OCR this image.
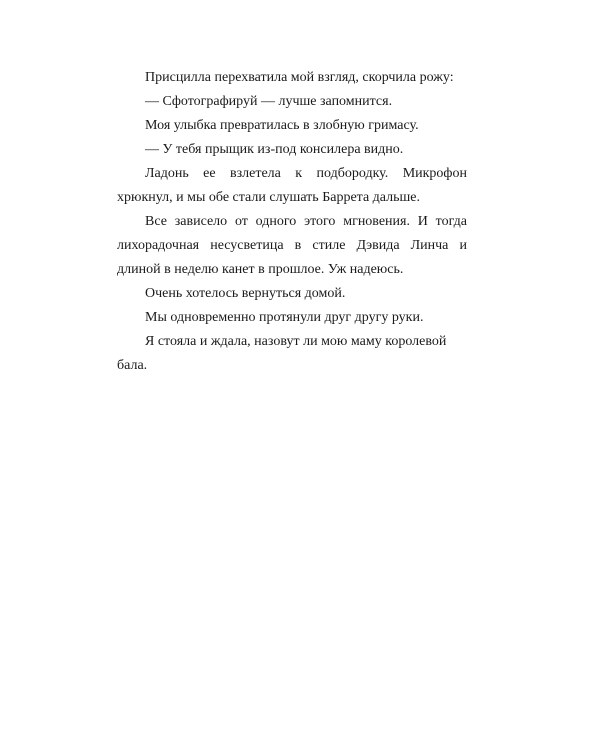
Присцилла перехватила мой взгляд, скорчила рожу:

— Сфотографируй — лучше запомнится.

Моя улыбка превратилась в злобную гримасу.

— У тебя прыщик из-под консилера видно.

Ладонь ее взлетела к подбородку. Микрофон хрюкнул, и мы обе стали слушать Баррета дальше.

Все зависело от одного этого мгновения. И тогда лихорадочная несусветица в стиле Дэвида Линча и длиной в неделю канет в прошлое. Уж надеюсь.

Очень хотелось вернуться домой.

Мы одновременно протянули друг другу руки.

Я стояла и ждала, назовут ли мою маму королевой бала.
